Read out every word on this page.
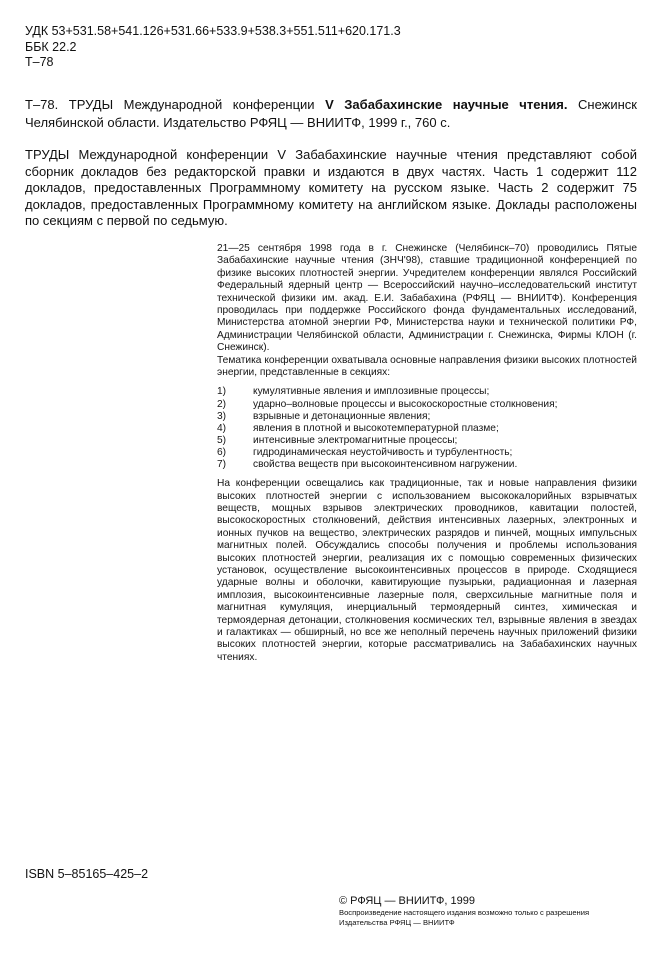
УДК 53+531.58+541.126+531.66+533.9+538.3+551.511+620.171.3
ББК 22.2
Т–78
Т–78. ТРУДЫ Международной конференции V Забабахинские научные чтения. Снежинск Челябинской области. Издательство РФЯЦ — ВНИИТФ, 1999 г., 760 с.
ТРУДЫ Международной конференции V Забабахинские научные чтения представляют собой сборник докладов без редакторской правки и издаются в двух частях. Часть 1 содержит 112 докладов, предоставленных Программному комитету на русском языке. Часть 2 содержит 75 докладов, предоставленных Программному комитету на английском языке. Доклады расположены по секциям с первой по седьмую.

21—25 сентября 1998 года в г. Снежинске (Челябинск–70) проводились Пятые Забабахинские научные чтения (ЗНЧ'98), ставшие традиционной конференцией по физике высоких плотностей энергии. Учредителем конференции являлся Российский Федеральный ядерный центр — Всероссийский научно–исследовательский институт технической физики им. акад. Е.И. Забабахина (РФЯЦ — ВНИИТФ). Конференция проводилась при поддержке Российского фонда фундаментальных исследований, Министерства атомной энергии РФ, Министерства науки и технической политики РФ, Администрации Челябинской области, Администрации г. Снежинска, Фирмы КЛОН (г. Снежинск).

Тематика конференции охватывала основные направления физики высоких плотностей энергии, представленные в секциях:

1)	кумулятивные явления и имплозивные процессы;
2)	ударно–волновые процессы и высокоскоростные столкновения;
3)	взрывные и детонационные явления;
4)	явления в плотной и высокотемпературной плазме;
5)	интенсивные электромагнитные процессы;
6)	гидродинамическая неустойчивость и турбулентность;
7)	свойства веществ при высокоинтенсивном нагружении.

На конференции освещались как традиционные, так и новые направления физики высоких плотностей энергии с использованием высококалорийных взрывчатых веществ, мощных взрывов электрических проводников, кавитации полостей, высокоскоростных столкновений, действия интенсивных лазерных, электронных и ионных пучков на вещество, электрических разрядов и пинчей, мощных импульсных магнитных полей. Обсуждались способы получения и проблемы использования высоких плотностей энергии, реализация их с помощью современных физических установок, осуществление высокоинтенсивных процессов в природе. Сходящиеся ударные волны и оболочки, кавитирующие пузырьки, радиационная и лазерная имплозия, высокоинтенсивные лазерные поля, сверхсильные магнитные поля и магнитная кумуляция, инерциальный термоядерный синтез, химическая и термоядерная детонации, столкновения космических тел, взрывные явления в звездах и галактиках — обширный, но все же неполный перечень научных приложений физики высоких плотностей энергии, которые рассматривались на Забабахинских научных чтениях.

ISBN 5–85165–425–2
© РФЯЦ — ВНИИТФ, 1999
Воспроизведение настоящего издания возможно только с разрешения
Издательства РФЯЦ — ВНИИТФ
